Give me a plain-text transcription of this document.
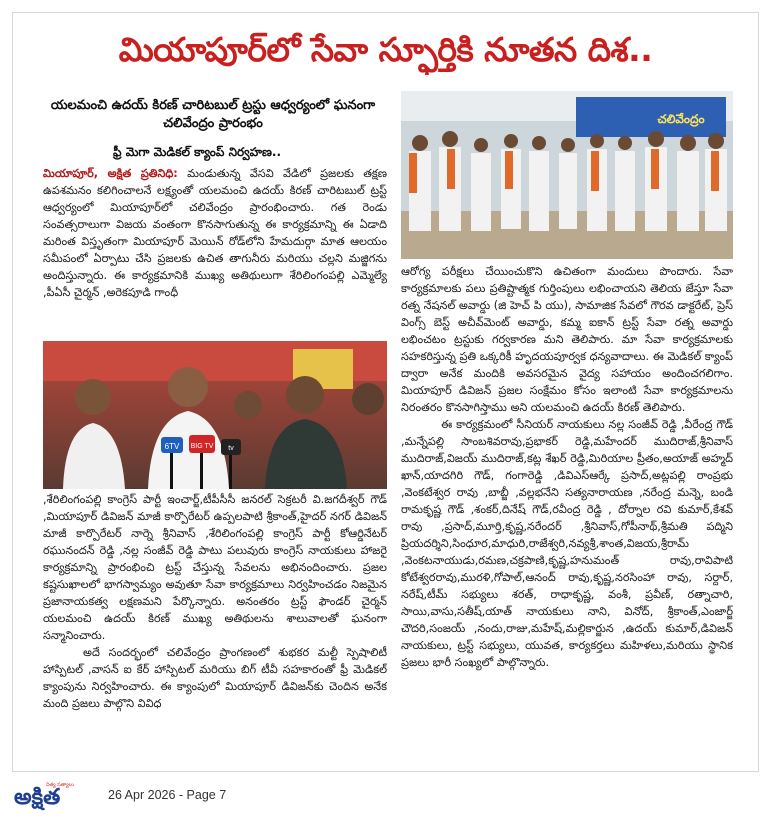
మియాపూర్‌లో సేవా స్ఫూర్తికి నూతన దిశ..
యలమంచి ఉదయ్ కిరణ్ చారిటబుల్ ట్రస్టు ఆధ్వర్యంలో ఘనంగా చలివేంద్రం ప్రారంభం
ఫ్రీ మెగా మెడికల్ క్యాంప్ నిర్వహణ..

మియాపూర్, అక్షిత ప్రతినిధి: మండుతున్న వేసవి వేడిలో ప్రజలకు తక్షణ ఉపశమనం కలిగించాలనే లక్ష్యంతో యలమంచి ఉదయ్ కిరణ్ చారిటబుల్ ట్రస్ట్ ఆధ్వర్యంలో మియాపూర్‌లో చలివేంద్రం ప్రారంభించారు. గత రెండు సంవత్సరాలుగా విజయ వంతంగా కొనసాగుతున్న ఈ కార్యక్రమాన్ని ఈ ఏడాది మరింత విస్తృతంగా మియాపూర్ మెయిన్ రోడ్‌లోని హేమదుర్గా మాత ఆలయం సమీపంలో ఏర్పాటు చేసి ప్రజలకు ఉచిత తాగునీరు మరియు చల్లని మజ్జిగను అందిస్తున్నారు. ఈ కార్యక్రమానికి ముఖ్య అతిథులుగా శేరిలింగంపల్లి ఎమ్మెల్యే ,పీఏసీ చైర్మన్ ,అరెకపూడి గాంధీ

6TV BIG TV tv

,శేరిలింగంపల్లి కాంగ్రెస్ పార్టీ ఇంచార్జ్,టీపీసీసీ జనరల్ సెక్రటరీ వి.జగదీశ్వర్ గౌడ్ ,మియాపూర్ డివిజన్ మాజీ కార్పొరేటర్ ఉప్పలపాటి శ్రీకాంత్,హైదర్ నగర్ డివిజన్ మాజీ కార్పొరేటర్ నార్నె శ్రీనివాస్ ,శేరిలింగంపల్లి కాంగ్రెస్ పార్టీ కోఆర్డినేటర్ రఘునందన్ రెడ్డి ,నల్ల సంజీవ్ రెడ్డి పాటు పలువురు కాంగ్రెస్ నాయకులు హాజరై కార్యక్రమాన్ని ప్రారంభించి ట్రస్ట్ చేస్తున్న సేవలను అభినందించారు. ప్రజల కష్టసుఖాలలో భాగస్వామ్యం అవుతూ సేవా కార్యక్రమాలు నిర్వహించడం నిజమైన ప్రజానాయకత్వ లక్షణమని పేర్కొన్నారు. అనంతరం ట్రస్ట్ ఫౌండర్ చైర్మన్ యలమంచి ఉదయ్ కిరణ్ ముఖ్య అతిథులను శాలువాలతో ఘనంగా సన్మానించారు.

అదే సందర్భంలో చలివేంద్రం ప్రాంగణంలో శుభకర మల్టీ స్పెషాలిటీ హాస్పిటల్ ,వాసన్ ఐ కేర్ హాస్పిటల్ మరియు బిగ్ టీవీ సహకారంతో ఫ్రీ మెడికల్ క్యాంపును నిర్వహించారు. ఈ క్యాంపులో మియాపూర్ డివిజన్‌కు చెందిన అనేక మంది ప్రజలు పాల్గొని వివిధ

చలివేంద్రం

ఆరోగ్య పరీక్షలు చేయించుకొని ఉచితంగా మందులు పొందారు. సేవా కార్యక్రమాలకు పలు ప్రతిష్టాత్మక గుర్తింపులు లభించాయని తెలియ జేస్తూ సేవా రత్న నేషనల్ అవార్డు (జి హెచ్ పి యు), సామాజిక సేవలో గౌరవ డాక్టరేట్, ప్రెస్ వింగ్స్ బెస్ట్ అచీవ్‌మెంట్ అవార్డు, కమ్మ ఐకాన్ ట్రస్ట్ సేవా రత్న అవార్డు లభించటం ట్రస్టుకు గర్వకారణ మని తెలిపారు. మా సేవా కార్యక్రమాలకు సహకరిస్తున్న ప్రతి ఒక్కరికీ హృదయపూర్వక ధన్యవాదాలు. ఈ మెడికల్ క్యాంప్ ద్వారా అనేక మందికి అవసరమైన వైద్య సహాయం అందించగలిగాం. మియాపూర్ డివిజన్ ప్రజల సంక్షేమం కోసం ఇలాంటి సేవా కార్యక్రమాలను నిరంతరం కొనసాగిస్తాము అని యలమంచి ఉదయ్ కిరణ్ తెలిపారు.

ఈ కార్యక్రమంలో సీనియర్ నాయకులు నల్ల సంజీవ్ రెడ్డి ,వీరేంద్ర గౌడ్ ,మన్నేపల్లి సాంబశివరావు,ప్రభాకర్ రెడ్డి,మహేందర్ ముదిరాజ్,శ్రీనివాస్ ముదిరాజ్,విజయ్ ముదిరాజ్,కట్ల శేఖర్ రెడ్డి,మిరియాల ప్రీతం,అయాజ్ అహ్మద్ ఖాన్,యాదగిరి గౌడ్, గంగారెడ్డి ,డివిఎస్ఆర్కే ప్రసాద్,అట్లపల్లి రాంప్రభు ,వెంకటేశ్వర రావు ,బాబ్జీ ,వల్లభనేని సత్యనారాయణ ,నరేంద్ర మన్నె, బండి రామకృష్ణ గౌడ్ ,శంకర్,దినేష్ గౌడ్,రవీంద్ర రెడ్డి , దోర్నాల రవి కుమార్,కేశవ్ రావు ,ప్రసాద్,మూర్తి,కృష్ణ,నరేందర్ ,శ్రీనివాస్,గోపీనాథ్,శ్రీమతి పద్మిని ప్రియదర్శిని,సింధూర,మాధురి,రాజేశ్వరి,నవ్యశ్రీ,శాంత,విజయ,శ్రీరామ్ ,వెంకటనాయుడు,రమణ,చక్రపాణి,కృష్ణ,హనుమంత్ రావు,రావిపాటి కోటేశ్వరరావు,మురళి,గోపాల్,ఆనంద్ రావు,కృష్ణ,నరసింహా రావు, సర్దార్, నరేష్,టీమ్ సభ్యులు శరత్, రాధాకృష్ణ, వంశీ, ప్రవీణ్, రత్నాచారి, సాయి,వాసు,సతీష్,యాత్ నాయకులు నాని, వినోద్, శ్రీకాంత్,ఎంజార్జ్ చౌదరి,సంజయ్ ,నందు,రాజు,మహేష్,మల్లికార్జున ,ఉదయ్ కుమార్,డివిజన్ నాయకులు, ట్రస్ట్ సభ్యులు, యువత, కార్యకర్తలు మహిళలు,మరియు స్థానిక ప్రజలు భారీ సంఖ్యలో పాల్గొన్నారు.

అక్షిత
నిత్య సత్యాలు
26 Apr 2026 - Page 7
